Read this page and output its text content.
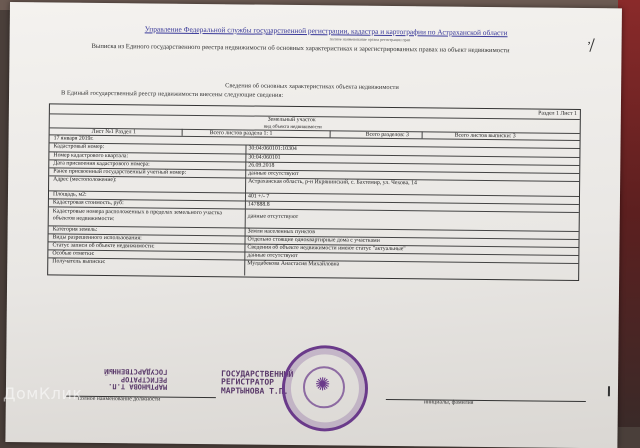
Управление Федеральной службы государственной регистрации, кадастра и картографии по Астраханской области
полное наименование органа регистрации прав
Выписка из Единого государственного реестра недвижимости об основных характеристиках и зарегистрированных правах на объект недвижимости
,
Сведения об основных характеристиках объекта недвижимости
В Единый государственный реестр недвижимости внесены следующие сведения:
Раздел 1 Лист 1
Земельный участок
вид объекта недвижимости
Лист №1 Раздел 1	Всего листов раздела 1: 1	Всего разделов: 3	Всего листов выписки: 3
17 января 2019г.
Кадастровый номер:	30:04:060101:10304
Номер кадастрового квартала:	30:04:060101
Дата присвоения кадастрового номера:	26.09.2018
Ранее присвоенный государственный учетный номер:	данные отсутствуют
Адрес (местоположение):	Астраханская область, р-н Икрянинский, с. Бахтемир, ул. Чехова, 14
Площадь, м2:	401 +/- 7
Кадастровая стоимость, руб:	147888.8
Кадастровые номера расположенных в пределах земельного участка объектов недвижимости:	данные отсутствуют
Категория земель:	Земли населенных пунктов
Виды разрешенного использования:	Отдельно стоящие одноквартирные дома с участками
Статус записи об объекте недвижимости:	Сведения об объекте недвижимости имеют статус "актуальные"
Особые отметки:	данные отсутствуют
Получатель выписки:	Мулдабекова Анастасия Михайловна
МАРТЫНОВА Т.П.
РЕГИСТРАТОР
ГОСУДАРСТВЕННЫЙ	ГОСУДАРСТВЕННЫЙ
РЕГИСТРАТОР
МАРТЫНОВА Т.П. ✺
полное наименование должности
инициалы, фамилия
ДомКлик
